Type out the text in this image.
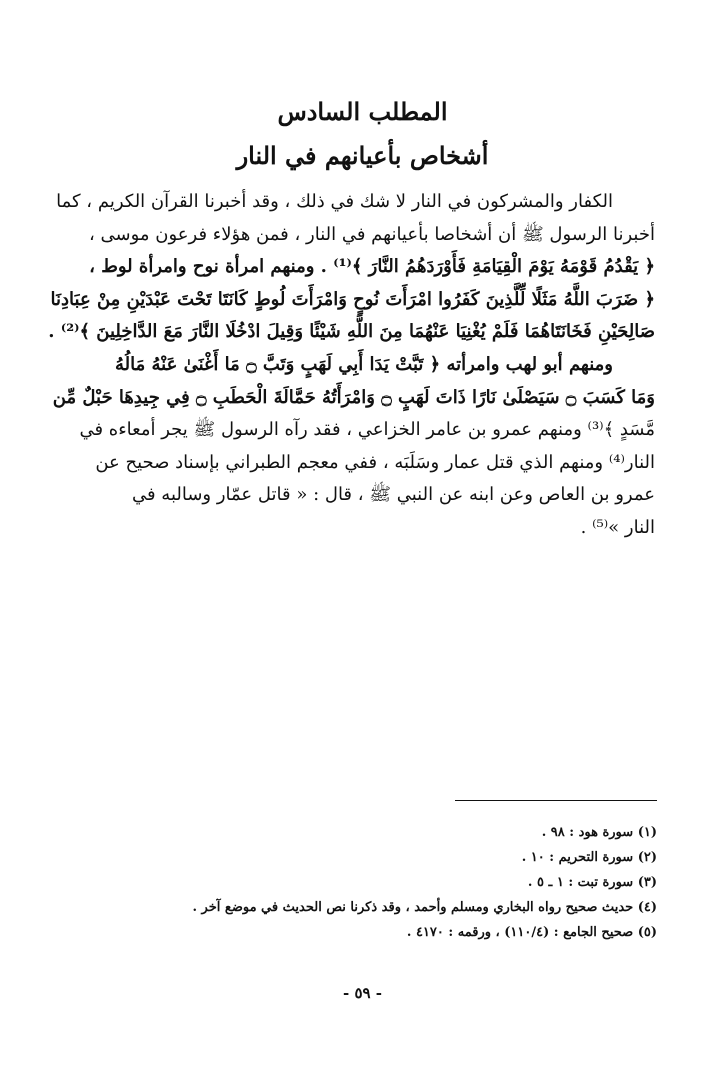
المطلب السادس
أشخاص بأعيانهم في النار
الكفار والمشركون في النار لا شك في ذلك ، وقد أخبرنا القرآن الكريم ، كما
أخبرنا الرسول ﷺ أن أشخاصا بأعيانهم في النار ، فمن هؤلاء فرعون موسى ،
﴿ يَقْدُمُ قَوْمَهُ يَوْمَ الْقِيَامَةِ فَأَوْرَدَهُمُ النَّارَ ﴾⁽¹⁾ . ومنهم امرأة نوح وامرأة لوط ،
﴿ ضَرَبَ اللَّهُ مَثَلًا لِّلَّذِينَ كَفَرُوا امْرَأَتَ نُوحٍ وَامْرَأَتَ لُوطٍ كَانَتَا تَحْتَ عَبْدَيْنِ مِنْ عِبَادِنَا
صَالِحَيْنِ فَخَانَتَاهُمَا فَلَمْ يُغْنِيَا عَنْهُمَا مِنَ اللَّهِ شَيْئًا وَقِيلَ ادْخُلَا النَّارَ مَعَ الدَّاخِلِينَ ﴾⁽²⁾ .
ومنهم أبو لهب وامرأته ﴿ تَبَّتْ يَدَا أَبِي لَهَبٍ وَتَبَّ ۝ مَا أَغْنَىٰ عَنْهُ مَالُهُ
وَمَا كَسَبَ ۝ سَيَصْلَىٰ نَارًا ذَاتَ لَهَبٍ ۝ وَامْرَأَتُهُ حَمَّالَةَ الْحَطَبِ ۝ فِي جِيدِهَا حَبْلٌ مِّن
مَّسَدٍ ﴾⁽³⁾ ومنهم عمرو بن عامر الخزاعي ، فقد رآه الرسول ﷺ يجر أمعاءه في
النار⁽⁴⁾ ومنهم الذي قتل عمار وسَلَبَه ، ففي معجم الطبراني بإسناد صحيح عن
عمرو بن العاص وعن ابنه عن النبي ﷺ ، قال : « قاتل عمّار وسالبه في
النار »⁽⁵⁾ .
(١) سورة هود : ٩٨ .
(٢) سورة التحريم : ١٠ .
(٣) سورة تبت : ١ ـ ٥ .
(٤) حديث صحيح رواه البخاري ومسلم وأحمد ، وقد ذكرنا نص الحديث في موضع آخر .
(٥) صحيح الجامع : (١١٠/٤) ، ورقمه : ٤١٧٠ .
- ٥٩ -
